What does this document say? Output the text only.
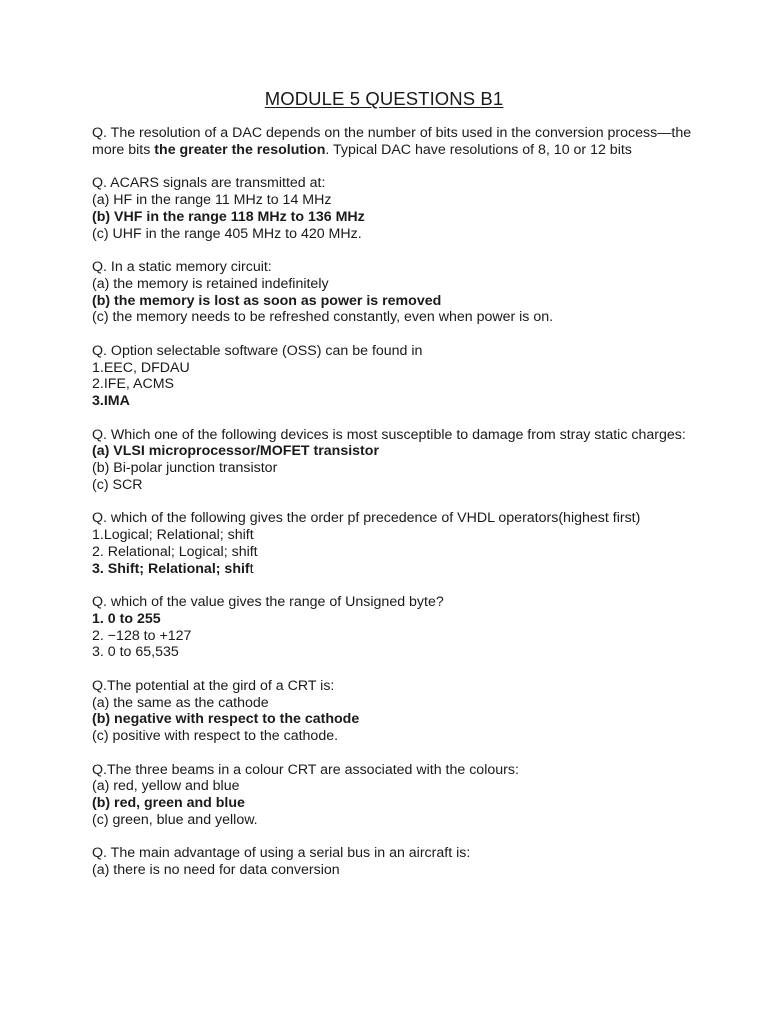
MODULE 5 QUESTIONS B1
Q. The resolution of a DAC depends on the number of bits used in the conversion process—the more bits the greater the resolution. Typical DAC have resolutions of 8, 10 or 12 bits
Q. ACARS signals are transmitted at:
(a) HF in the range 11 MHz to 14 MHz
(b) VHF in the range 118 MHz to 136 MHz
(c) UHF in the range 405 MHz to 420 MHz.
Q. In a static memory circuit:
(a) the memory is retained indefinitely
(b) the memory is lost as soon as power is removed
(c) the memory needs to be refreshed constantly, even when power is on.
Q. Option selectable software (OSS) can be found in
1.EEC, DFDAU
2.IFE, ACMS
3.IMA
Q. Which one of the following devices is most susceptible to damage from stray static charges:
(a) VLSI microprocessor/MOFET transistor
(b) Bi-polar junction transistor
(c) SCR
Q. which of the following gives the order pf precedence of VHDL operators(highest first)
1.Logical; Relational; shift
2. Relational; Logical; shift
3. Shift; Relational; shift
Q. which of the value gives the range of Unsigned byte?
1. 0 to 255
2. −128 to +127
3. 0 to 65,535
Q.The potential at the gird of a CRT is:
(a) the same as the cathode
(b) negative with respect to the cathode
(c) positive with respect to the cathode.
Q.The three beams in a colour CRT are associated with the colours:
(a) red, yellow and blue
(b) red, green and blue
(c) green, blue and yellow.
Q. The main advantage of using a serial bus in an aircraft is:
(a) there is no need for data conversion
